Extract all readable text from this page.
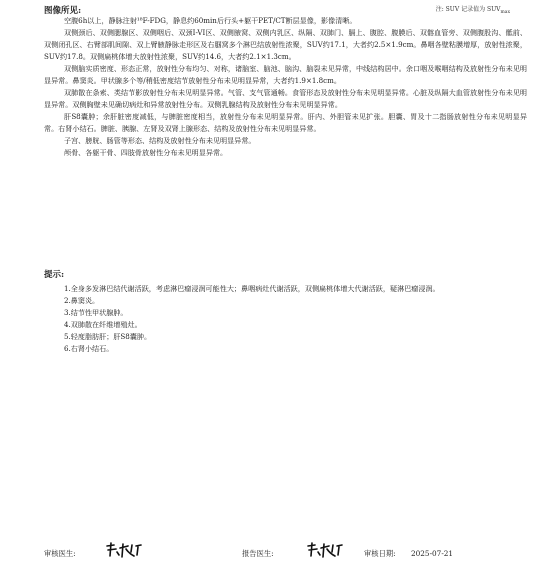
图像所见:	注: SUV 记录值为 $SUV_{max}$

空腹6h以上，静脉注射¹⁸F-FDG，静息约60min后行头+躯干PET/CT断层显像，影像清晰。

双侧颈后、双侧腮腺区、双侧咽后、双颈I-VI区、双侧腋窝、双侧内乳区、纵隔、双肺门、膈上、腹腔、腹膜后、双髂血管旁、双侧腹股沟、骶前、双侧闭孔区、右臂部肌间隙、双上臂腋静脉走形区及右腘窝多个淋巴结放射性浓聚，SUV约17.1，大者约2.5×1.9cm。鼻咽各壁粘膜增厚，放射性浓聚，SUV约17.8。双侧扁桃体增大放射性浓聚，SUV约14.6，大者约2.1×1.3cm。

双侧脑实质密度、形态正常，放射性分布均匀、对称，诸脑室、脑池、脑沟、脑裂未见异常，中线结构居中。余口咽及喉咽结构及放射性分布未见明显异常。鼻窦炎。甲状腺多个等/稍低密度结节放射性分布未见明显异常，大者约1.9×1.8cm。

双肺散在条索、类结节影放射性分布未见明显异常。气管、支气管通畅。食管形态及放射性分布未见明显异常。心脏及纵隔大血管放射性分布未见明显异常。双侧胸壁未见确切病灶和异常放射性分布。双侧乳腺结构及放射性分布未见明显异常。

肝S8囊肿；余肝脏密度减低，与脾脏密度相当，放射性分布未见明显异常。肝内、外胆管未见扩张。胆囊、胃及十二指肠放射性分布未见明显异常。右肾小结石。脾脏、胰腺、左肾及双肾上腺形态、结构及放射性分布未见明显异常。

子宫、膀胱、肠管等形态、结构及放射性分布未见明显异常。

颅骨、各躯干骨、四肢骨放射性分布未见明显异常。

提示:
1.全身多发淋巴结代谢活跃，考虑淋巴瘤浸润可能性大；鼻咽病灶代谢活跃，双侧扁桃体增大代谢活跃，疑淋巴瘤浸润。
2.鼻窦炎。
3.结节性甲状腺肿。
4.双肺散在纤维增殖灶。
5.轻度脂肪肝；肝S8囊肿。
6.右肾小结石。
审核医生:	报告医生:	审核日期: 2025-07-21
